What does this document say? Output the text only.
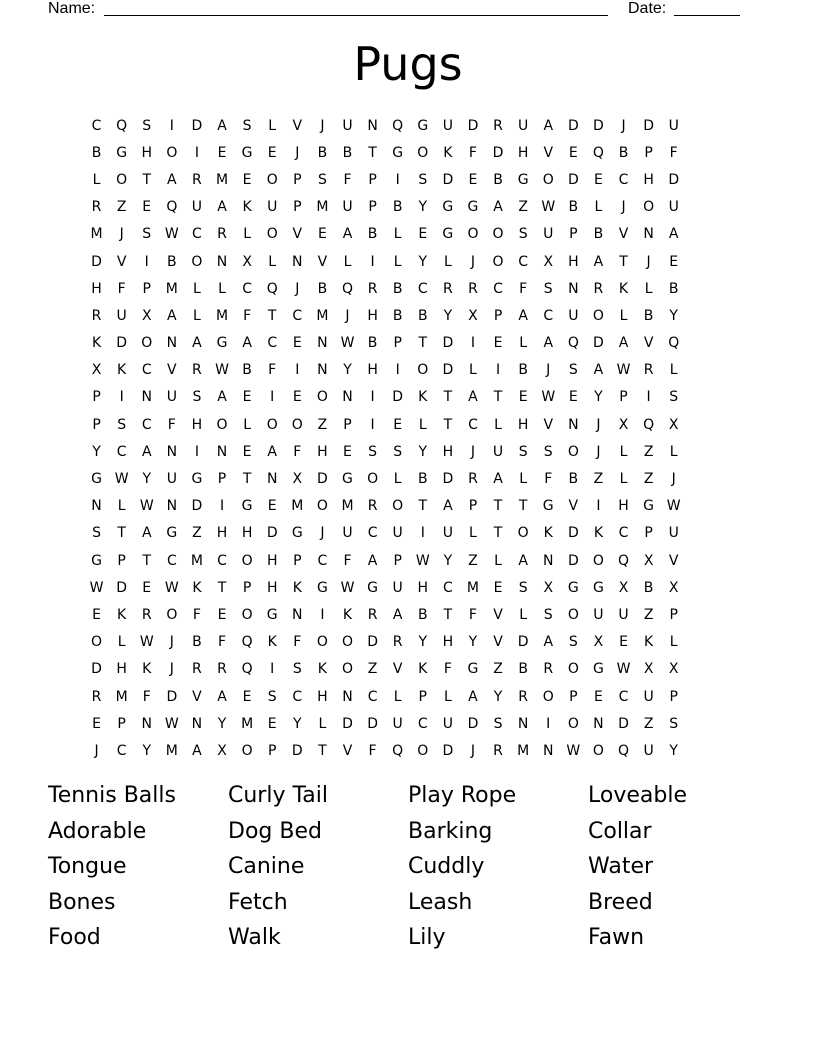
Name:	Date:
Pugs
C	Q	S	I	D	A	S	L	V	J	U	N	Q	G	U	D	R	U	A	D	D	J	D	U
B	G	H	O	I	E	G	E	J	B	B	T	G	O	K	F	D	H	V	E	Q	B	P	F
L	O	T	A	R	M	E	O	P	S	F	P	I	S	D	E	B	G	O	D	E	C	H	D
R	Z	E	Q	U	A	K	U	P	M U	P	B	Y	G	G	A	Z W B	L	J	O	U
M	J	S W C	R	L	O	V	E	A	B	L	E	G	O	O	S	U	P	B	V	N	A
D	V	I	B	O	N	X	L	N	V	L	I	L	Y	L	J	O	C	X	H	A	T	J	E
H	F	P	M	L	L	C	Q	J	B	Q	R	B	C	R	R	C	F	S	N	R	K	L	B
R	U	X	A	L	M	F	T	C	M	J	H	B	B	Y	X	P	A	C	U	O	L	B	Y
K	D	O	N	A	G	A	C	E	N W B	P	T	D	I	E	L	A	Q	D	A	V	Q
X	K	C	V	R W B	F	I	N	Y	H	I	O	D	L	I	B	J	S	A W R	L
P	I	N	U	S	A	E	I	E	O	N	I	D	K	T	A	T	E W E	Y	P	I	S
P	S	C	F	H	O	L	O	O	Z	P	I	E	L	T	C	L	H	V	N	J	X	Q	X
Y	C	A	N	I	N	E	A	F	H	E	S	S	Y	H	J	U	S	S	O	J	L	Z	L
G W Y	U	G	P	T	N	X	D	G	O	L	B	D	R	A	L	F	B	Z	L	Z	J
N	L	W N	D	I	G	E	M O M	R	O	T	A	P	T	T	G	V	I	H	G W
S	T	A	G	Z	H	H	D	G	J	U	C	U	I	U	L	T	O	K	D	K	C	P	U
G	P	T	C	M	C	O	H	P	C	F	A	P W Y	Z	L	A	N	D	O	Q	X	V
W D	E W K	T	P	H	K	G W G	U	H	C	M	E	S	X	G	G	X	B	X
E	K	R	O	F	E	O	G	N	I	K	R	A	B	T	F	V	L	S	O	U	U	Z	P
O	L	W	J	B	F	Q	K	F	O	O	D	R	Y	H	Y	V	D	A	S	X	E	K	L
D	H	K	J	R	R	Q	I	S	K	O	Z	V	K	F	G	Z	B	R	O	G W X	X
R	M	F	D	V	A	E	S	C	H	N	C	L	P	L	A	Y	R	O	P	E	C	U	P
E	P	N W N	Y	M	E	Y	L	D	D	U	C	U	D	S	N	I	O	N	D	Z	S
J	C	Y	M	A	X	O	P	D	T	V	F	Q	O	D	J	R	M N W O	Q	U	Y
Tennis Balls	Curly Tail	Play Rope	Loveable
Adorable	Dog Bed	Barking	Collar
Tongue	Canine	Cuddly	Water
Bones	Fetch	Leash	Breed
Food	Walk	Lily	Fawn
